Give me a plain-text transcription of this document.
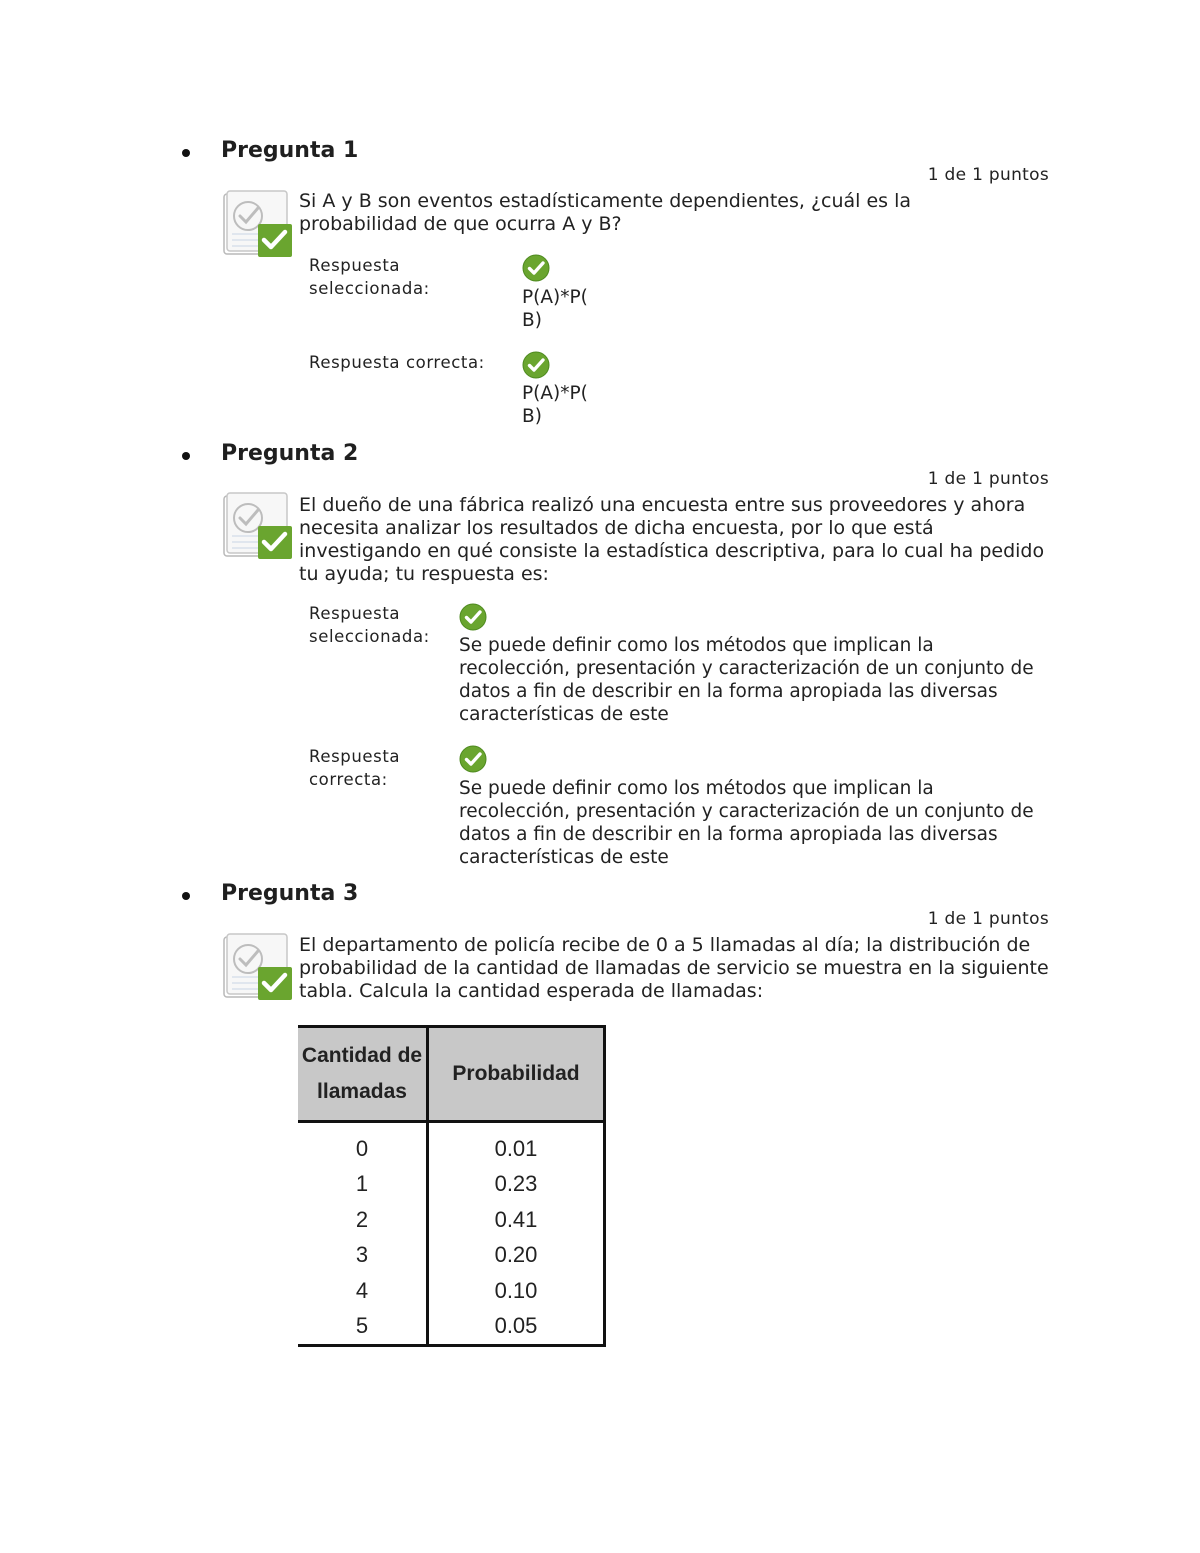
Pregunta 1
1 de 1 puntos
Si A y B son eventos estadísticamente dependientes, ¿cuál es la probabilidad de que ocurra A y B?
Respuesta
seleccionada:	P(A)*P(
B)
Respuesta correcta:
P(A)*P(
B)
Pregunta 2
1 de 1 puntos
El dueño de una fábrica realizó una encuesta entre sus proveedores y ahora necesita analizar los resultados de dicha encuesta, por lo que está investigando en qué consiste la estadística descriptiva, para lo cual ha pedido tu ayuda; tu respuesta es:
Respuesta
seleccionada: Se puede definir como los métodos que implican la recolección, presentación y caracterización de un conjunto de datos a fin de describir en la forma apropiada las diversas características de este
Respuesta
correcta:	Se puede definir como los métodos que implican la recolección, presentación y caracterización de un conjunto de datos a fin de describir en la forma apropiada las diversas características de este
Pregunta 3
1 de 1 puntos
El departamento de policía recibe de 0 a 5 llamadas al día; la distribución de probabilidad de la cantidad de llamadas de servicio se muestra en la siguiente tabla. Calcula la cantidad esperada de llamadas:
Cantidad de
llamadas	Probabilidad
0	0.01
1	0.23
2	0.41
3	0.20
4	0.10
5	0.05
